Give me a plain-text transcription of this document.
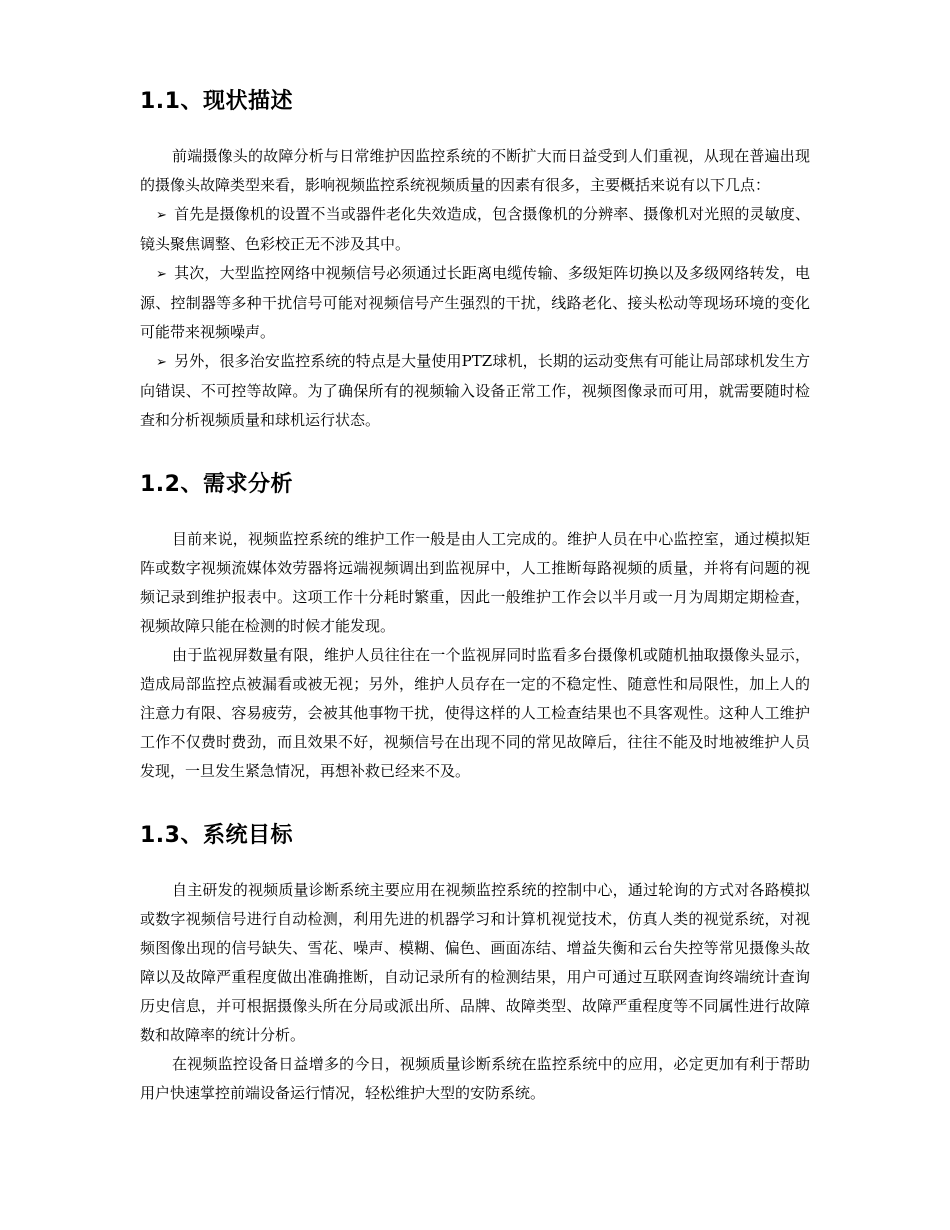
1.1、现状描述

前端摄像头的故障分析与日常维护因监控系统的不断扩大而日益受到人们重视，从现在普遍出现的摄像头故障类型来看，影响视频监控系统视频质量的因素有很多，主要概括来说有以下几点：

➢ 首先是摄像机的设置不当或器件老化失效造成，包含摄像机的分辨率、摄像机对光照的灵敏度、镜头聚焦调整、色彩校正无不涉及其中。

➢ 其次，大型监控网络中视频信号必须通过长距离电缆传输、多级矩阵切换以及多级网络转发，电源、控制器等多种干扰信号可能对视频信号产生强烈的干扰，线路老化、接头松动等现场环境的变化可能带来视频噪声。

➢ 另外，很多治安监控系统的特点是大量使用PTZ球机，长期的运动变焦有可能让局部球机发生方向错误、不可控等故障。为了确保所有的视频输入设备正常工作，视频图像录而可用，就需要随时检查和分析视频质量和球机运行状态。

1.2、需求分析

目前来说，视频监控系统的维护工作一般是由人工完成的。维护人员在中心监控室，通过模拟矩阵或数字视频流媒体效劳器将远端视频调出到监视屏中，人工推断每路视频的质量，并将有问题的视频记录到维护报表中。这项工作十分耗时繁重，因此一般维护工作会以半月或一月为周期定期检查，视频故障只能在检测的时候才能发现。

由于监视屏数量有限，维护人员往往在一个监视屏同时监看多台摄像机或随机抽取摄像头显示，造成局部监控点被漏看或被无视；另外，维护人员存在一定的不稳定性、随意性和局限性，加上人的注意力有限、容易疲劳，会被其他事物干扰，使得这样的人工检查结果也不具客观性。这种人工维护工作不仅费时费劲，而且效果不好，视频信号在出现不同的常见故障后，往往不能及时地被维护人员发现，一旦发生紧急情况，再想补救已经来不及。

1.3、系统目标

自主研发的视频质量诊断系统主要应用在视频监控系统的控制中心，通过轮询的方式对各路模拟或数字视频信号进行自动检测，利用先进的机器学习和计算机视觉技术，仿真人类的视觉系统，对视频图像出现的信号缺失、雪花、噪声、模糊、偏色、画面冻结、增益失衡和云台失控等常见摄像头故障以及故障严重程度做出准确推断，自动记录所有的检测结果，用户可通过互联网查询终端统计查询历史信息，并可根据摄像头所在分局或派出所、品牌、故障类型、故障严重程度等不同属性进行故障数和故障率的统计分析。

在视频监控设备日益增多的今日，视频质量诊断系统在监控系统中的应用，必定更加有利于帮助用户快速掌控前端设备运行情况，轻松维护大型的安防系统。
